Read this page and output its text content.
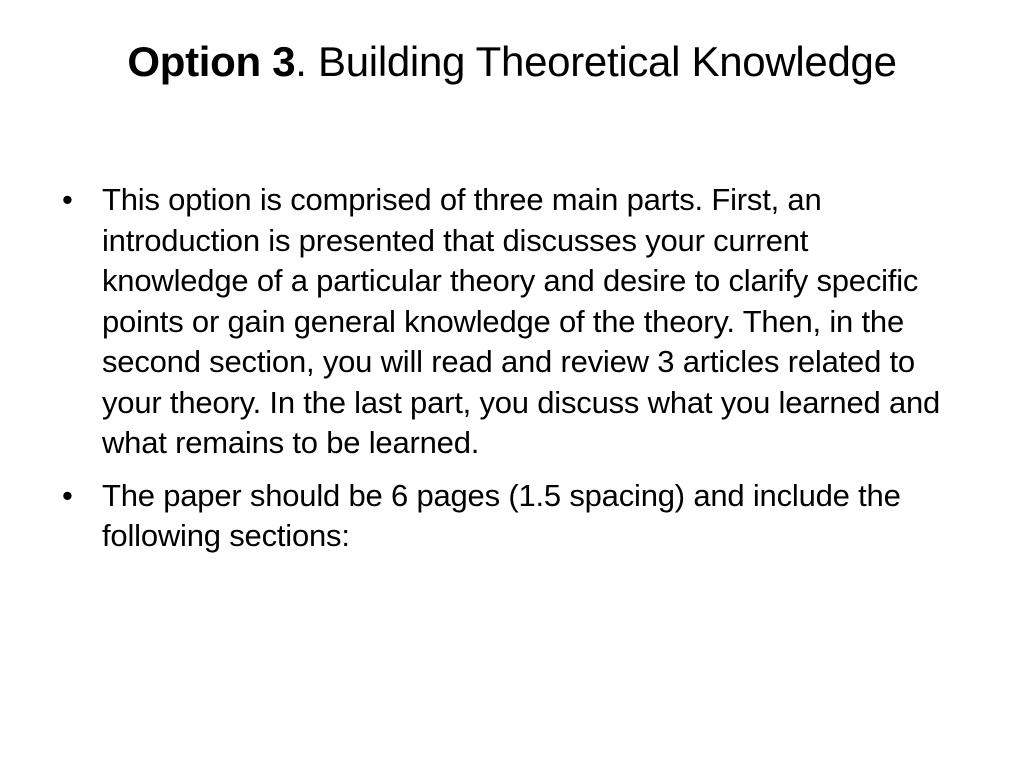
Option 3. Building Theoretical Knowledge
• This option is comprised of three main parts. First, an introduction is presented that discusses your current knowledge of a particular theory and desire to clarify specific points or gain general knowledge of the theory. Then, in the second section, you will read and review 3 articles related to your theory. In the last part, you discuss what you learned and what remains to be learned.
• The paper should be 6 pages (1.5 spacing) and include the following sections:
